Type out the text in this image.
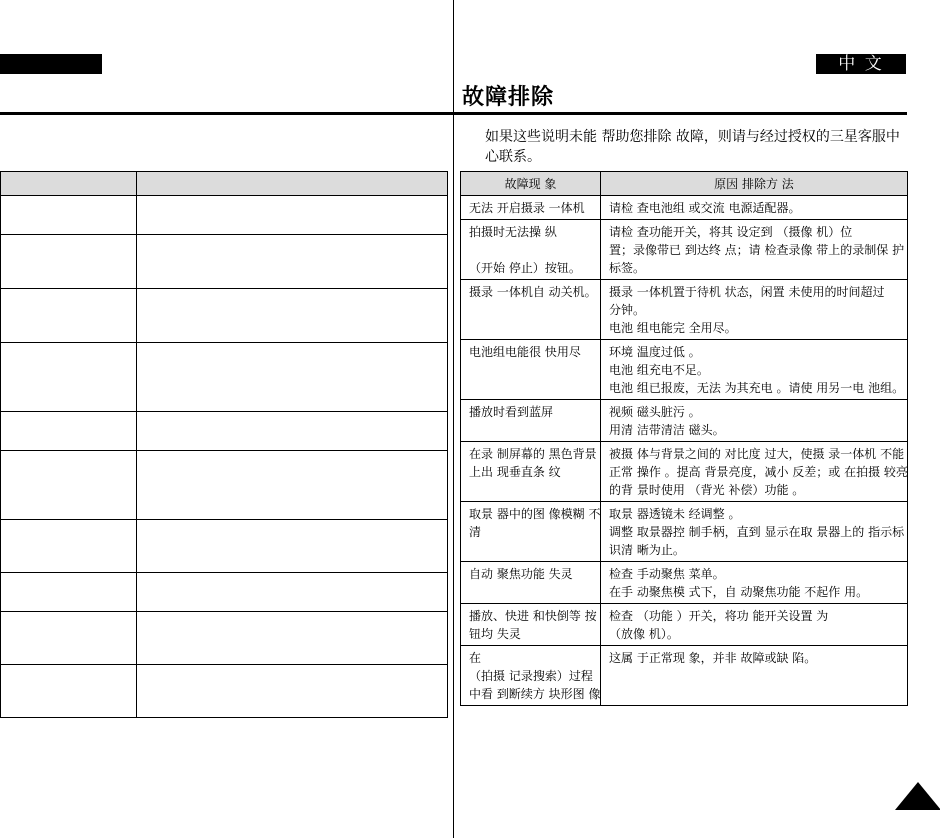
中 文
故障排除
如果这些说明未能 帮助您排除 故障，则请与经过授权的三星客服中心联系。

故障现 象	原因 排除方 法

无法 开启摄录 一体机	请检 查电池组 或交流 电源适配器。

拍摄时无法操 纵
（开始 停止）按钮。	请检 查功能开关，将其 设定到 （摄像 机）位
置；录像带已 到达终 点；请 检查录像 带上的录制保 护
标签。

摄录 一体机自 动关机。	摄录 一体机置于待机 状态，闲置 未使用的时间超过
分钟。
电池 组电能完 全用尽。

电池组电能很 快用尽	环境 温度过低 。
电池 组充电不足。
电池 组已报废，无法 为其充电 。请使 用另一电 池组。

播放时看到蓝屏	视频 磁头脏污 。
用清 洁带清洁 磁头。

在录 制屏幕的 黑色背景
上出 现垂直条 纹	被摄 体与背景之间的 对比度 过大，使摄 录一体机 不能
正常 操作 。提高 背景亮度，减小 反差；或 在拍摄 较亮
的背 景时使用 （背光 补偿）功能 。

取景 器中的图 像模糊 不
清	取景 器透镜未 经调整 。
调整 取景器控 制手柄，直到 显示在取 景器上的 指示标
识清 晰为止。

自动 聚焦功能 失灵	检查 手动聚焦 菜单。
在手 动聚焦模 式下，自 动聚焦功能 不起作 用。

播放、快进 和快倒等 按
钮均 失灵	检查 （功能 ）开关，将功 能开关设置 为
（放像 机）。

在
（拍摄 记录搜索）过程
中看 到断续方 块形图 像	这属 于正常现 象，并非 故障或缺 陷。
